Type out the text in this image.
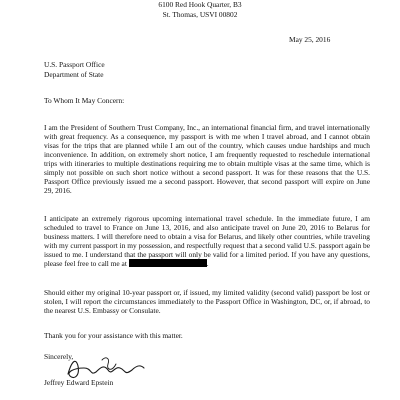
6100 Red Hook Quarter, B3

St. Thomas, USVI 00802

May 25, 2016

U.S. Passport Office

Department of State

To Whom It May Concern:

I am the President of Southern Trust Company, Inc., an international financial firm, and travel internationally with great frequency. As a consequence, my passport is with me when I travel abroad, and I cannot obtain visas for the trips that are planned while I am out of the country, which causes undue hardships and much inconvenience. In addition, on extremely short notice, I am frequently requested to reschedule international trips with itineraries to multiple destinations requiring me to obtain multiple visas at the same time, which is simply not possible on such short notice without a second passport. It was for these reasons that the U.S. Passport Office previously issued me a second passport. However, that second passport will expire on June 29, 2016.

I anticipate an extremely rigorous upcoming international travel schedule. In the immediate future, I am scheduled to travel to France on June 13, 2016, and also anticipate travel on June 20, 2016 to Belarus for business matters. I will therefore need to obtain a visa for Belarus, and likely other countries, while traveling with my current passport in my possession, and respectfully request that a second valid U.S. passport again be issued to me. I understand that the passport will only be valid for a limited period. If you have any questions, please feel free to call me at	.

Should either my original 10-year passport or, if issued, my limited validity (second valid) passport be lost or stolen, I will report the circumstances immediately to the Passport Office in Washington, DC, or, if abroad, to the nearest U.S. Embassy or Consulate.

Thank you for your assistance with this matter.

Sincerely,

Jeffrey Edward Epstein
